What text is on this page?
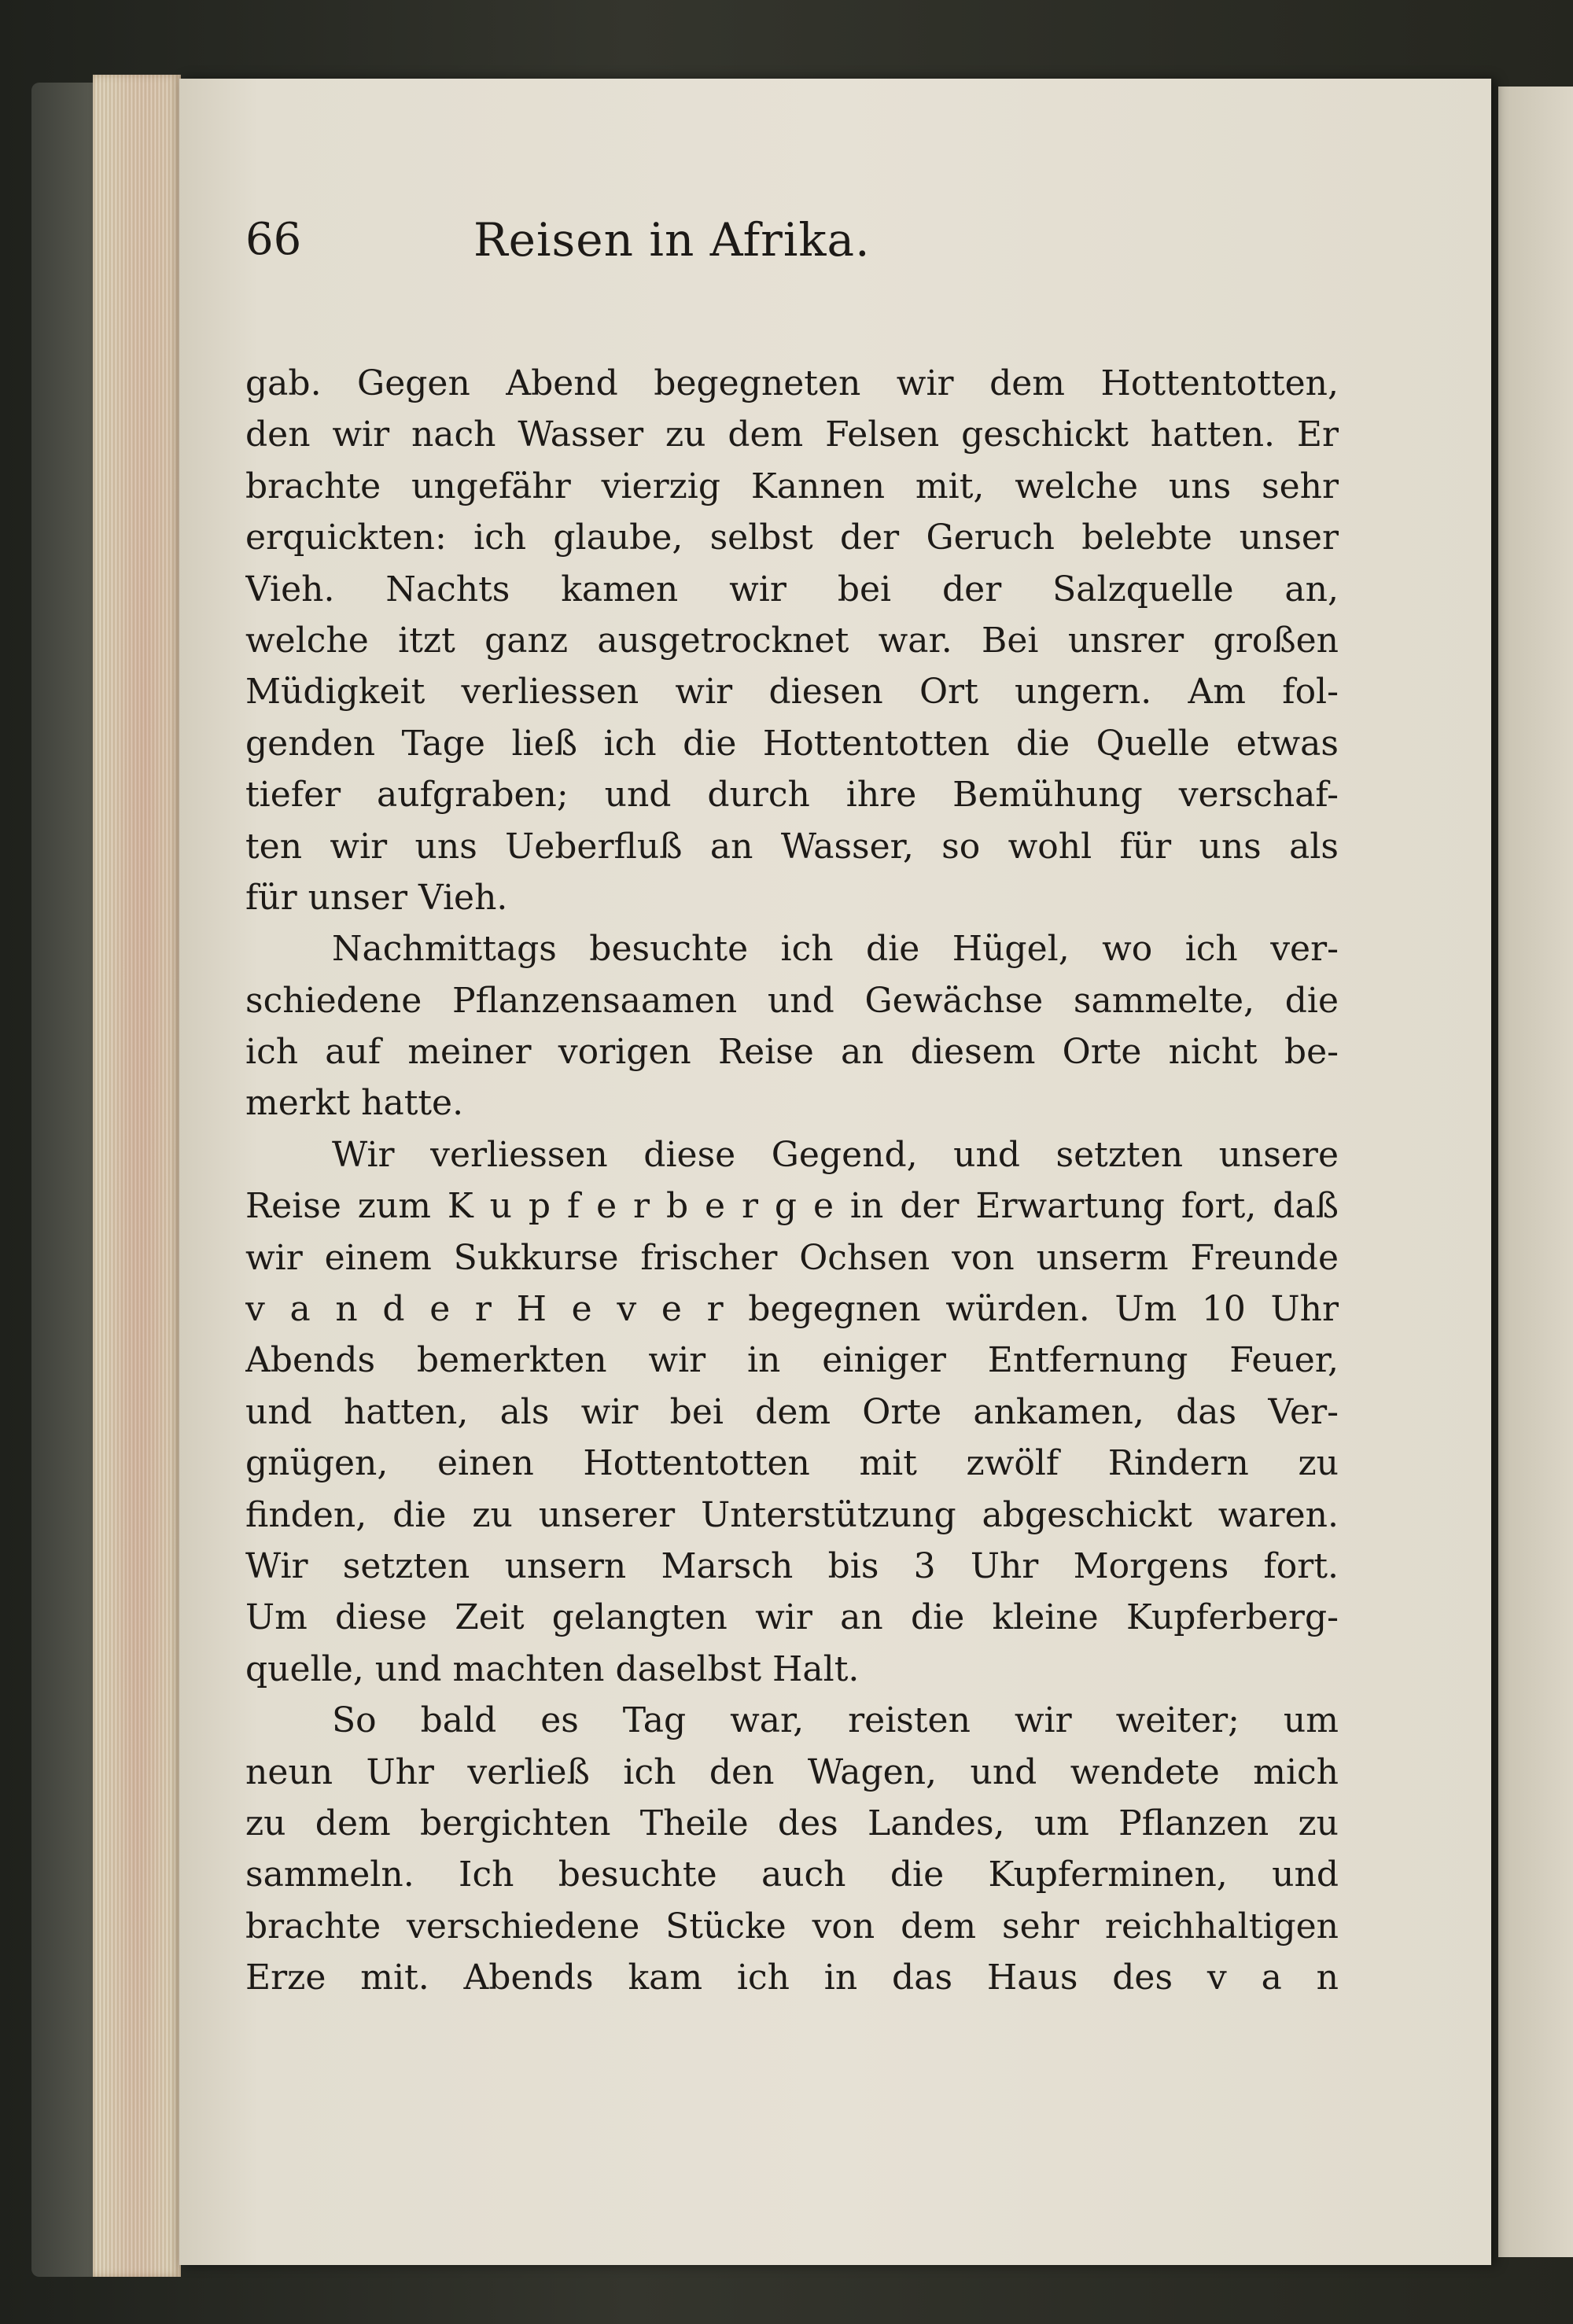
66	Reisen in Afrika.
gab. Gegen Abend begegneten wir dem Hottentotten,
den wir nach Wasser zu dem Felsen geschickt hatten. Er
brachte ungefähr vierzig Kannen mit, welche uns sehr
erquickten: ich glaube, selbst der Geruch belebte unser
Vieh. Nachts kamen wir bei der Salzquelle an,
welche itzt ganz ausgetrocknet war. Bei unsrer großen
Müdigkeit verliessen wir diesen Ort ungern. Am fol-
genden Tage ließ ich die Hottentotten die Quelle etwas
tiefer aufgraben; und durch ihre Bemühung verschaf-
ten wir uns Ueberfluß an Wasser, so wohl für uns als
für unser Vieh.
Nachmittags besuchte ich die Hügel, wo ich ver-
schiedene Pflanzensaamen und Gewächse sammelte, die
ich auf meiner vorigen Reise an diesem Orte nicht be-
merkt hatte.
Wir verliessen diese Gegend, und setzten unsere
Reise zum K u p f e r b e r g e in der Erwartung fort, daß
wir einem Sukkurse frischer Ochsen von unserm Freunde
v a n d e r H e v e r begegnen würden. Um 10 Uhr
Abends bemerkten wir in einiger Entfernung Feuer,
und hatten, als wir bei dem Orte ankamen, das Ver-
gnügen, einen Hottentotten mit zwölf Rindern zu
finden, die zu unserer Unterstützung abgeschickt waren.
Wir setzten unsern Marsch bis 3 Uhr Morgens fort.
Um diese Zeit gelangten wir an die kleine Kupferberg-
quelle, und machten daselbst Halt.
So bald es Tag war, reisten wir weiter; um
neun Uhr verließ ich den Wagen, und wendete mich
zu dem bergichten Theile des Landes, um Pflanzen zu
sammeln. Ich besuchte auch die Kupferminen, und
brachte verschiedene Stücke von dem sehr reichhaltigen
Erze mit. Abends kam ich in das Haus des v a n
